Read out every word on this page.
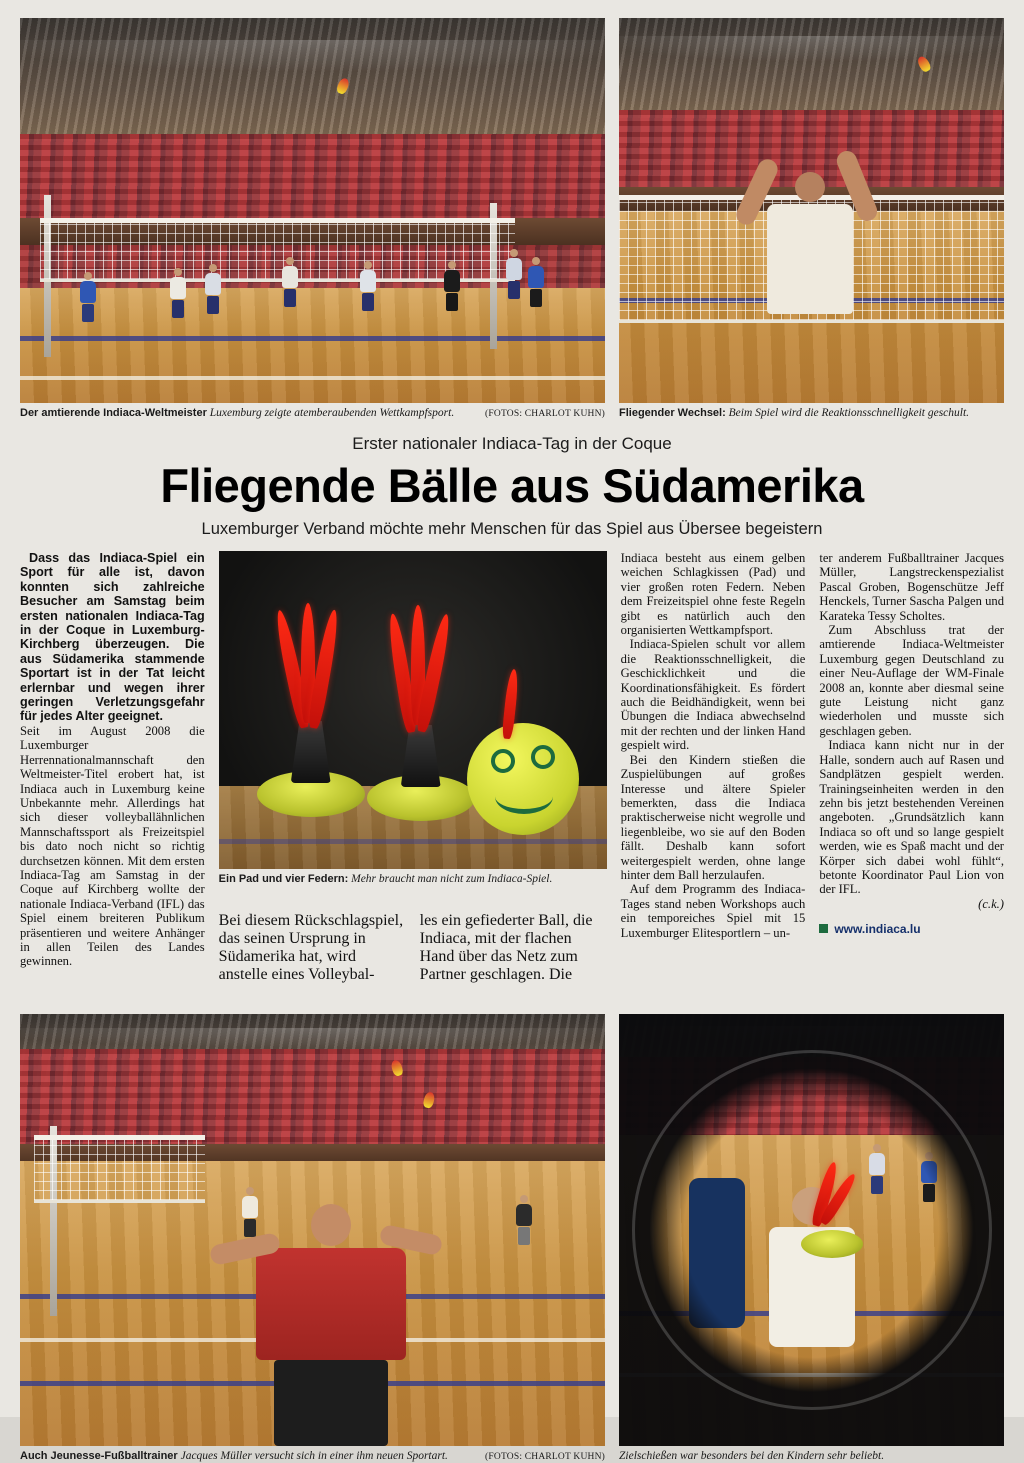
Der amtierende Indiaca-Weltmeister Luxemburg zeigte atemberaubenden Wettkampfsport.	(FOTOS: CHARLOT KUHN) Fliegender Wechsel: Beim Spiel wird die Reaktionsschnelligkeit geschult.
Erster nationaler Indiaca-Tag in der Coque
Fliegende Bälle aus Südamerika
Luxemburger Verband möchte mehr Menschen für das Spiel aus Übersee begeistern

Dass das Indiaca-Spiel ein Sport für alle ist, davon konnten sich zahlreiche Besucher am Samstag beim ersten nationalen Indiaca-Tag in der Coque in Luxemburg-Kirchberg überzeugen. Die aus Südamerika stammende Sportart ist in der Tat leicht erlernbar und wegen ihrer geringen Verletzungsgefahr für jedes Alter geeignet.

Seit im August 2008 die Luxemburger Herrennationalmannschaft den Weltmeister-Titel erobert hat, ist Indiaca auch in Luxemburg keine Unbekannte mehr. Allerdings hat sich dieser volleyballähnlichen Mannschaftssport als Freizeitspiel bis dato noch nicht so richtig durchsetzen können. Mit dem ersten Indiaca-Tag am Samstag in der Coque auf Kirchberg wollte der nationale Indiaca-Verband (IFL) das Spiel einem breiteren Publikum präsentieren und weitere Anhänger in allen Teilen des Landes gewinnen.

Ein Pad und vier Federn: Mehr braucht man nicht zum Indiaca-Spiel.

Bei diesem Rückschlagspiel, das seinen Ursprung in Südamerika hat, wird anstelle eines Volleybal-

les ein gefiederter Ball, die Indiaca, mit der flachen Hand über das Netz zum Partner geschlagen. Die

Indiaca besteht aus einem gelben weichen Schlagkissen (Pad) und vier großen roten Federn. Neben dem Freizeitspiel ohne feste Regeln gibt es natürlich auch den organisierten Wettkampfsport.

Indiaca-Spielen schult vor allem die Reaktionsschnelligkeit, die Geschicklichkeit und die Koordinationsfähigkeit. Es fördert auch die Beidhändigkeit, wenn bei Übungen die Indiaca abwechselnd mit der rechten und der linken Hand gespielt wird.

Bei den Kindern stießen die Zuspielübungen auf großes Interesse und ältere Spieler bemerkten, dass die Indiaca praktischerweise nicht wegrolle und liegenbleibe, wo sie auf den Boden fällt. Deshalb kann sofort weitergespielt werden, ohne lange hinter dem Ball herzulaufen.

Auf dem Programm des Indiaca-Tages stand neben Workshops auch ein temporeiches Spiel mit 15 Luxemburger Elitesportlern – un-

ter anderem Fußballtrainer Jacques Müller, Langstreckenspezialist Pascal Groben, Bogenschütze Jeff Henckels, Turner Sascha Palgen und Karateka Tessy Scholtes.

Zum Abschluss trat der amtierende Indiaca-Weltmeister Luxemburg gegen Deutschland zu einer Neu-Auflage der WM-Finale 2008 an, konnte aber diesmal seine gute Leistung nicht ganz wiederholen und musste sich geschlagen geben.

Indiaca kann nicht nur in der Halle, sondern auch auf Rasen und Sandplätzen gespielt werden. Trainingseinheiten werden in den zehn bis jetzt bestehenden Vereinen angeboten. „Grundsätzlich kann Indiaca so oft und so lange gespielt werden, wie es Spaß macht und der Körper sich dabei wohl fühlt“, betonte Koordinator Paul Lion von der IFL.

(c.k.)
www.indiaca.lu
Auch Jeunesse-Fußballtrainer Jacques Müller versucht sich in einer ihm neuen Sportart.	(FOTOS: CHARLOT KUHN) Zielschießen war besonders bei den Kindern sehr beliebt.
